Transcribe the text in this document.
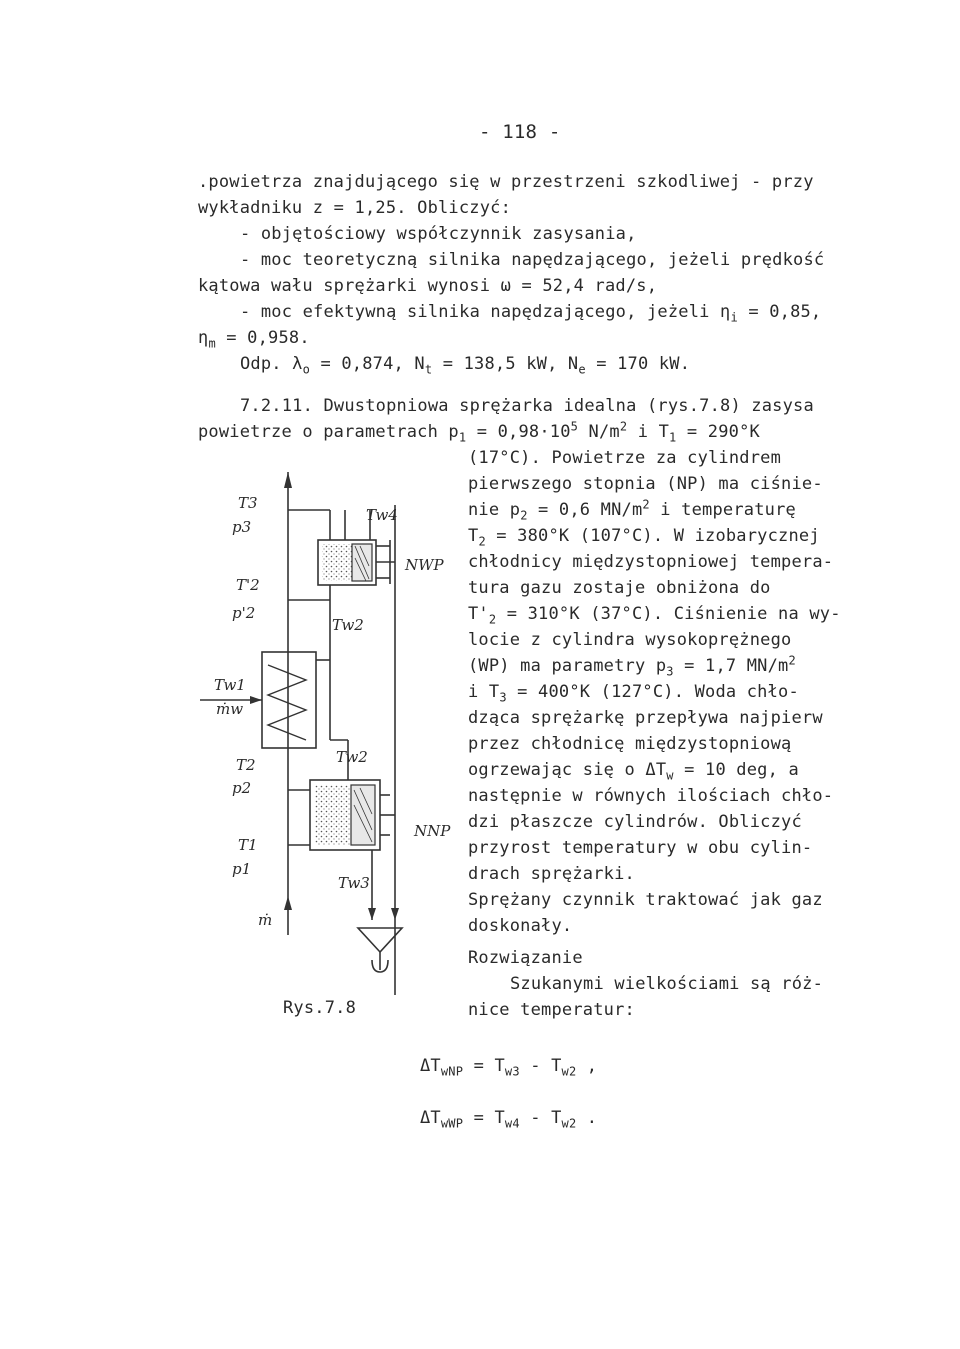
- 118 -
.powietrza znajdującego się w przestrzeni szkodliwej - przy
wykładniku z = 1,25. Obliczyć:
- objętościowy współczynnik zasysania,
- moc teoretyczną silnika napędzającego, jeżeli prędkość
kątowa wału sprężarki wynosi ω = 52,4 rad/s,
- moc efektywną silnika napędzającego, jeżeli $\eta_i = 0,85$,
$\eta_m = 0,958$.
Odp. $\lambda_o = 0,874$, $N_t = 138,5$ kW, $N_e = 170$ kW.
7.2.11. Dwustopniowa sprężarka idealna (rys.7.8) zasysa
powietrze o parametrach $p_1 = 0,98\cdot 10^5$ $N/m^2$ i $T_1 = 290^\circ K$
(17°C). Powietrze za cylindrem
pierwszego stopnia (NP) ma ciśnie-
nie $p_2 = 0,6$ $MN/m^2$ i temperaturę
$T_2 = 380^\circ K$ (107°C). W izobarycznej
chłodnicy międzystopniowej tempera-
tura gazu zostaje obniżona do
$T'_2 = 310^\circ K$ (37°C). Ciśnienie na wy-
locie z cylindra wysokoprężnego
(WP) ma parametry $p_3 = 1,7$ $MN/m^2$
i $T_3 = 400^\circ K$ (127°C). Woda chło-
dząca sprężarkę przepływa najpierw
przez chłodnicę międzystopniową
ogrzewając się o $\Delta T_w = 10$ deg, a
następnie w równych ilościach chło-
dzi płaszcze cylindrów. Obliczyć
przyrost temperatury w obu cylin-
drach sprężarki.
Sprężany czynnik traktować jak gaz
doskonały.
Rozwiązanie
Szukanymi wielkościami są róż-
nice temperatur:
$\Delta T_{wNP} = T_{w3} - T_{w2}$ ,
$\Delta T_{wWP} = T_{w4} - T_{w2}$ .
T3
p3
T'2
p'2
Tw1
ṁw
T2
p2
T1
p1
ṁ
Tw4
NWP
Tw2
Tw2
NNP
Tw3
Rys.7.8
